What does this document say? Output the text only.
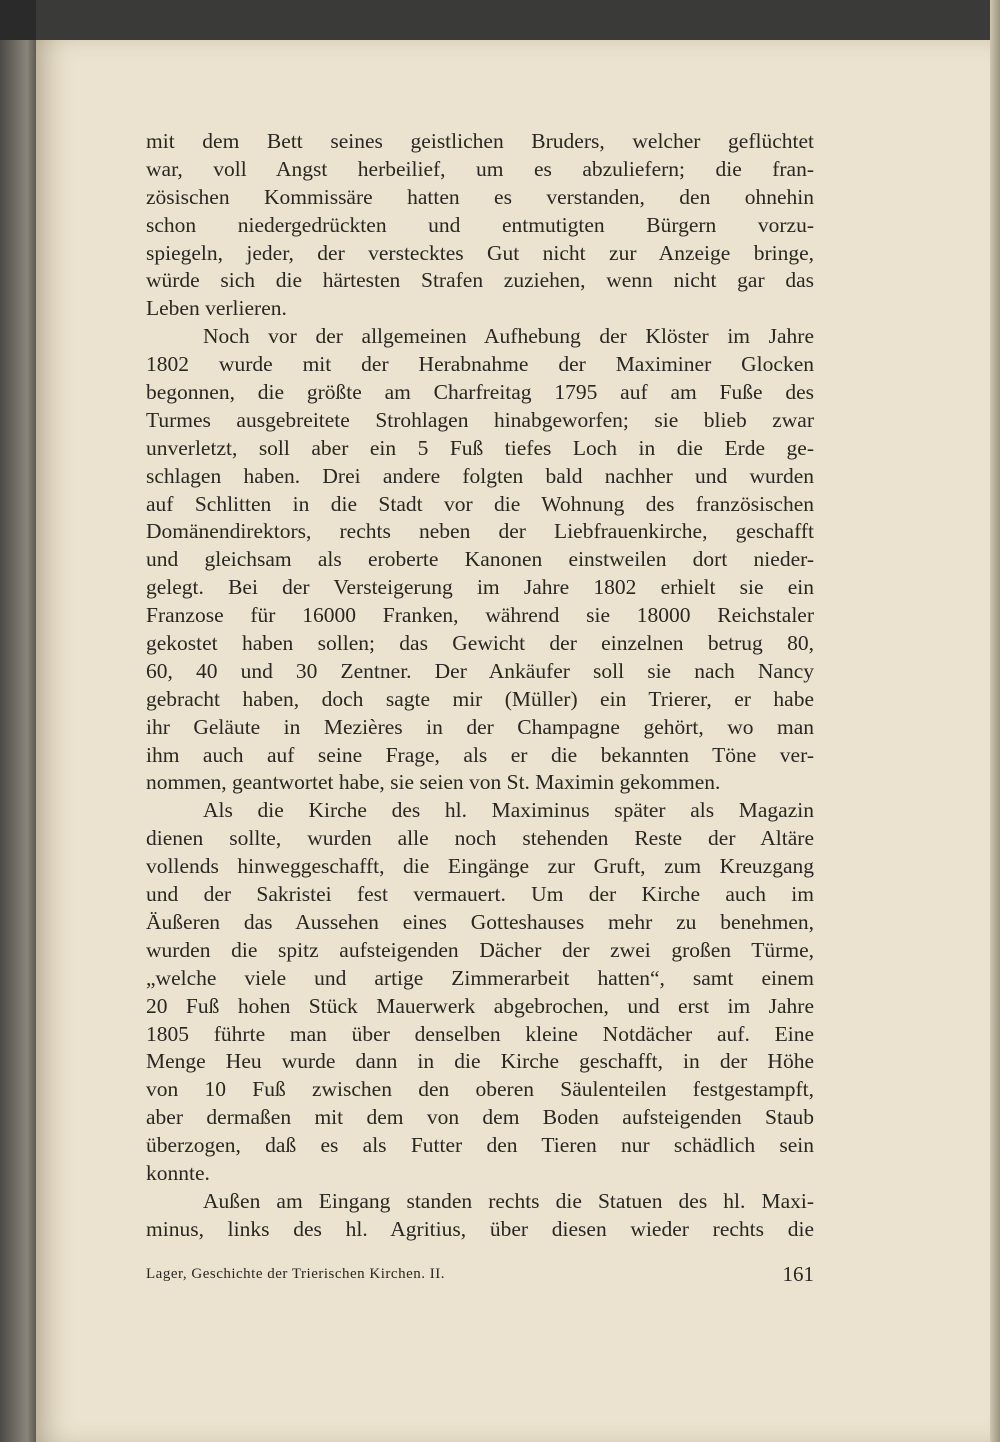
mit dem Bett seines geistlichen Bruders, welcher geflüchtet
war, voll Angst herbeilief, um es abzuliefern; die fran-
zösischen Kommissäre hatten es verstanden, den ohnehin
schon niedergedrückten und entmutigten Bürgern vorzu-
spiegeln, jeder, der verstecktes Gut nicht zur Anzeige bringe,
würde sich die härtesten Strafen zuziehen, wenn nicht gar das
Leben verlieren.
Noch vor der allgemeinen Aufhebung der Klöster im Jahre
1802 wurde mit der Herabnahme der Maximiner Glocken
begonnen, die größte am Charfreitag 1795 auf am Fuße des
Turmes ausgebreitete Strohlagen hinabgeworfen; sie blieb zwar
unverletzt, soll aber ein 5 Fuß tiefes Loch in die Erde ge-
schlagen haben. Drei andere folgten bald nachher und wurden
auf Schlitten in die Stadt vor die Wohnung des französischen
Domänendirektors, rechts neben der Liebfrauenkirche, geschafft
und gleichsam als eroberte Kanonen einstweilen dort nieder-
gelegt. Bei der Versteigerung im Jahre 1802 erhielt sie ein
Franzose für 16000 Franken, während sie 18000 Reichstaler
gekostet haben sollen; das Gewicht der einzelnen betrug 80,
60, 40 und 30 Zentner. Der Ankäufer soll sie nach Nancy
gebracht haben, doch sagte mir (Müller) ein Trierer, er habe
ihr Geläute in Mezières in der Champagne gehört, wo man
ihm auch auf seine Frage, als er die bekannten Töne ver-
nommen, geantwortet habe, sie seien von St. Maximin gekommen.
Als die Kirche des hl. Maximinus später als Magazin
dienen sollte, wurden alle noch stehenden Reste der Altäre
vollends hinweggeschafft, die Eingänge zur Gruft, zum Kreuzgang
und der Sakristei fest vermauert. Um der Kirche auch im
Äußeren das Aussehen eines Gotteshauses mehr zu benehmen,
wurden die spitz aufsteigenden Dächer der zwei großen Türme,
„welche viele und artige Zimmerarbeit hatten“, samt einem
20 Fuß hohen Stück Mauerwerk abgebrochen, und erst im Jahre
1805 führte man über denselben kleine Notdächer auf. Eine
Menge Heu wurde dann in die Kirche geschafft, in der Höhe
von 10 Fuß zwischen den oberen Säulenteilen festgestampft,
aber dermaßen mit dem von dem Boden aufsteigenden Staub
überzogen, daß es als Futter den Tieren nur schädlich sein
konnte.
Außen am Eingang standen rechts die Statuen des hl. Maxi-
minus, links des hl. Agritius, über diesen wieder rechts die
Lager, Geschichte der Trierischen Kirchen. II.	161
